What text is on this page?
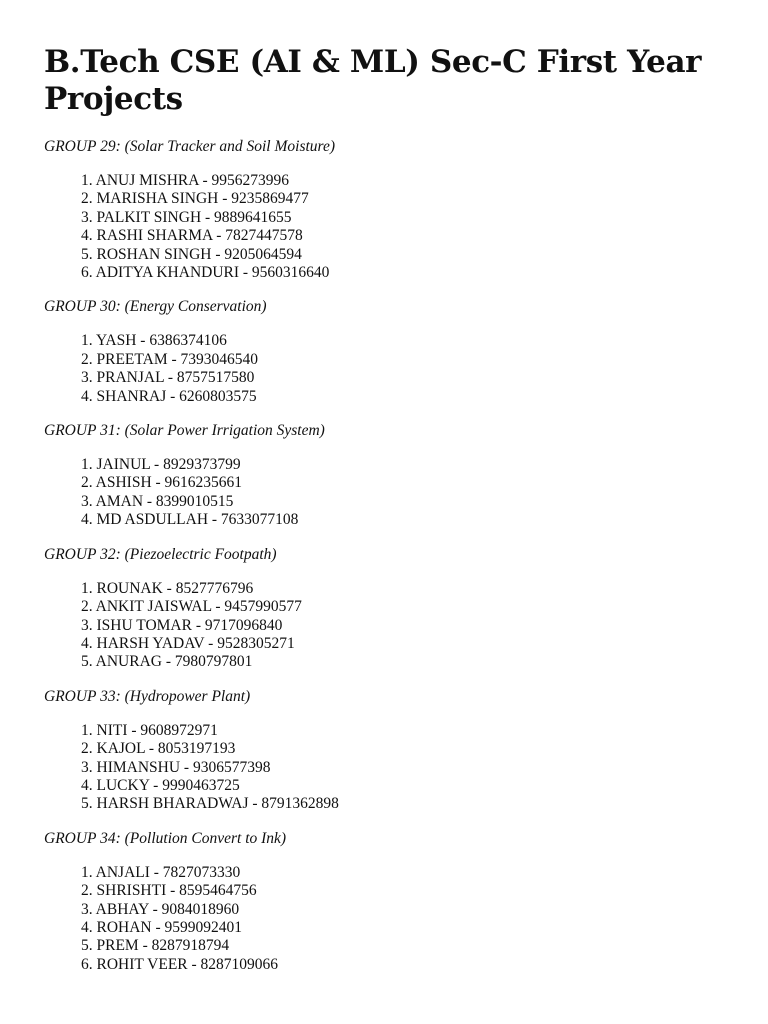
B.Tech CSE (AI & ML) Sec-C First Year
Projects

GROUP 29: (Solar Tracker and Soil Moisture)

1. ANUJ MISHRA - 9956273996
2. MARISHA SINGH - 9235869477
3. PALKIT SINGH - 9889641655
4. RASHI SHARMA - 7827447578
5. ROSHAN SINGH - 9205064594
6. ADITYA KHANDURI - 9560316640

GROUP 30: (Energy Conservation)

1. YASH - 6386374106
2. PREETAM - 7393046540
3. PRANJAL - 8757517580
4. SHANRAJ - 6260803575

GROUP 31: (Solar Power Irrigation System)

1. JAINUL - 8929373799
2. ASHISH - 9616235661
3. AMAN - 8399010515
4. MD ASDULLAH - 7633077108

GROUP 32: (Piezoelectric Footpath)

1. ROUNAK - 8527776796
2. ANKIT JAISWAL - 9457990577
3. ISHU TOMAR - 9717096840
4. HARSH YADAV - 9528305271
5. ANURAG - 7980797801

GROUP 33: (Hydropower Plant)

1. NITI - 9608972971
2. KAJOL - 8053197193
3. HIMANSHU - 9306577398
4. LUCKY - 9990463725
5. HARSH BHARADWAJ - 8791362898

GROUP 34: (Pollution Convert to Ink)

1. ANJALI - 7827073330
2. SHRISHTI - 8595464756
3. ABHAY - 9084018960
4. ROHAN - 9599092401
5. PREM - 8287918794
6. ROHIT VEER - 8287109066
